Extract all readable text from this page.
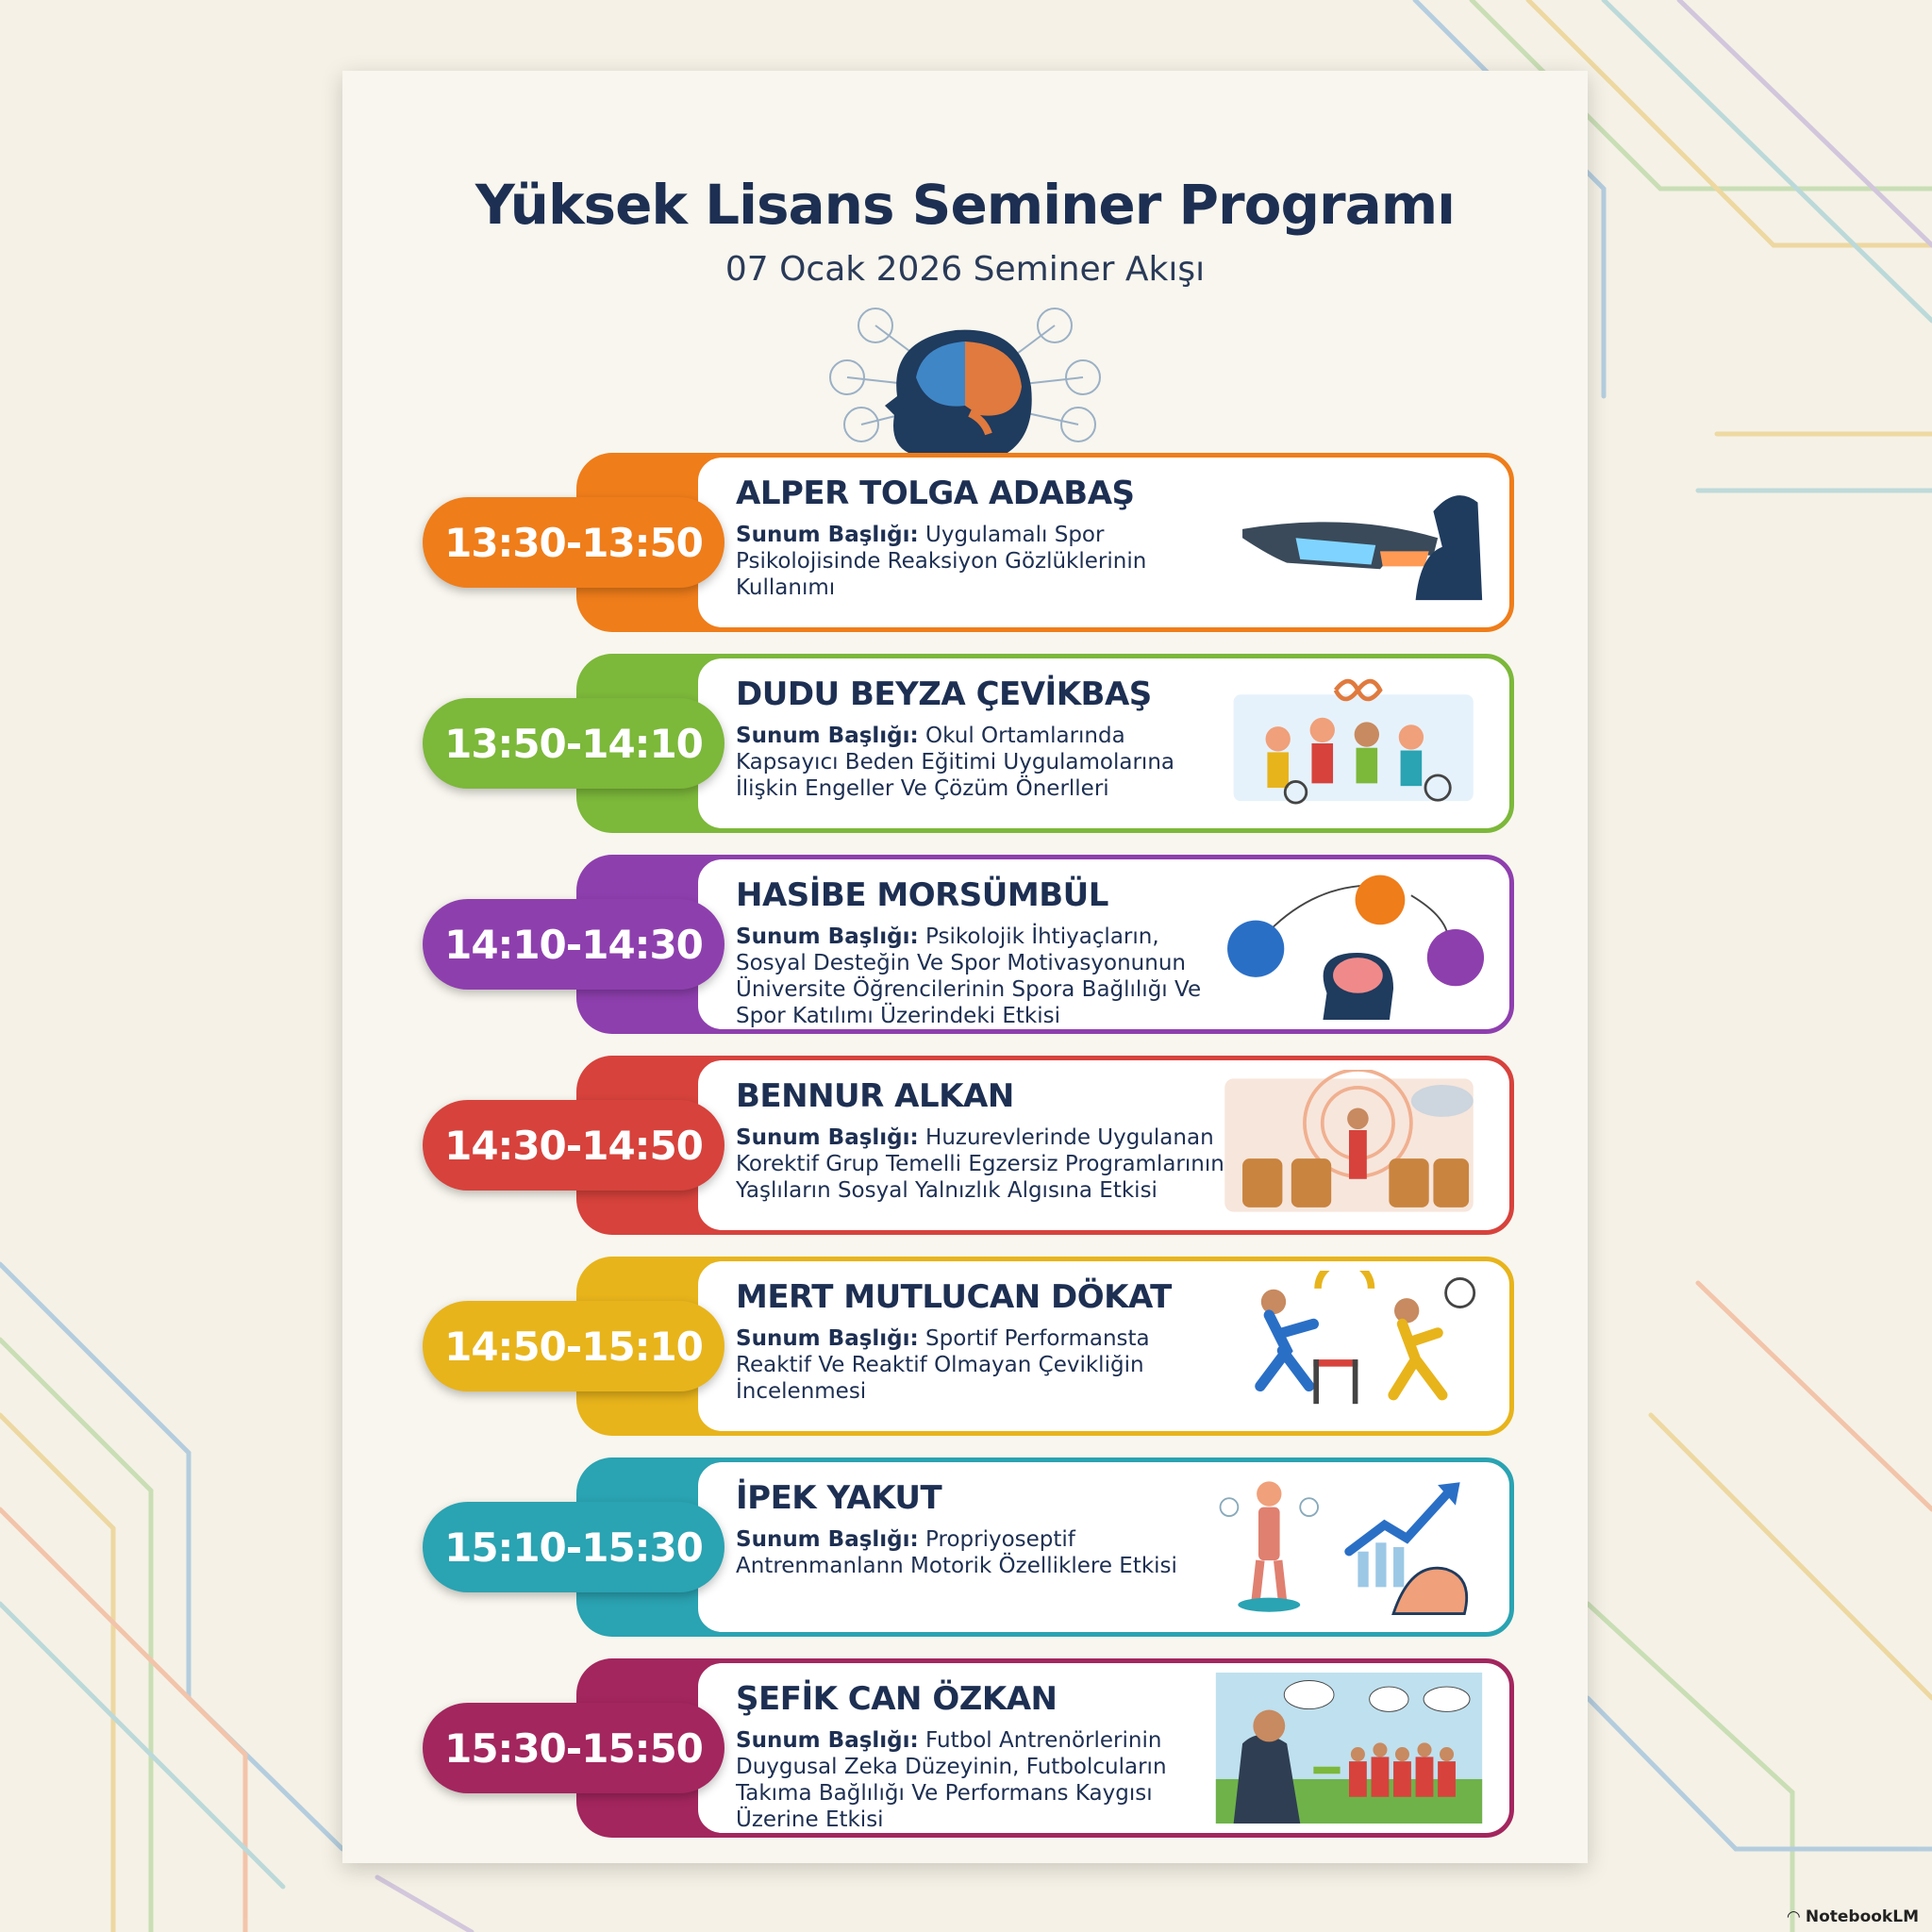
Yüksek Lisans Seminer Programı
07 Ocak 2026 Seminer Akışı
ALPER TOLGA ADABAŞ
Sunum Başlığı: Uygulamalı Spor Psikolojisinde Reaksiyon Gözlüklerinin Kullanımı
13:30-13:50
DUDU BEYZA ÇEVİKBAŞ
Sunum Başlığı: Okul Ortamlarında Kapsayıcı Beden Eğitimi Uygulamolarına İlişkin Engeller Ve Çözüm Önerlleri
13:50-14:10
HASİBE MORSÜMBÜL
Sunum Başlığı: Psikolojik İhtiyaçların, Sosyal Desteğin Ve Spor Motivasyonunun Üniversite Öğrencilerinin Spora Bağlılığı Ve Spor Katılımı Üzerindeki Etkisi
14:10-14:30
BENNUR ALKAN
Sunum Başlığı: Huzurevlerinde Uygulanan Korektif Grup Temelli Egzersiz Programlarının Yaşlıların Sosyal Yalnızlık Algısına Etkisi
14:30-14:50
MERT MUTLUCAN DÖKAT
Sunum Başlığı: Sportif Performansta Reaktif Ve Reaktif Olmayan Çevikliğin İncelenmesi
14:50-15:10
İPEK YAKUT
Sunum Başlığı: Propriyoseptif Antrenmanlann Motorik Özelliklere Etkisi
15:10-15:30
ŞEFİK CAN ÖZKAN
Sunum Başlığı: Futbol Antrenörlerinin Duygusal Zeka Düzeyinin, Futbolcuların Takıma Bağlılığı Ve Performans Kaygısı Üzerine Etkisi
15:30-15:50
◠ NotebookLM
